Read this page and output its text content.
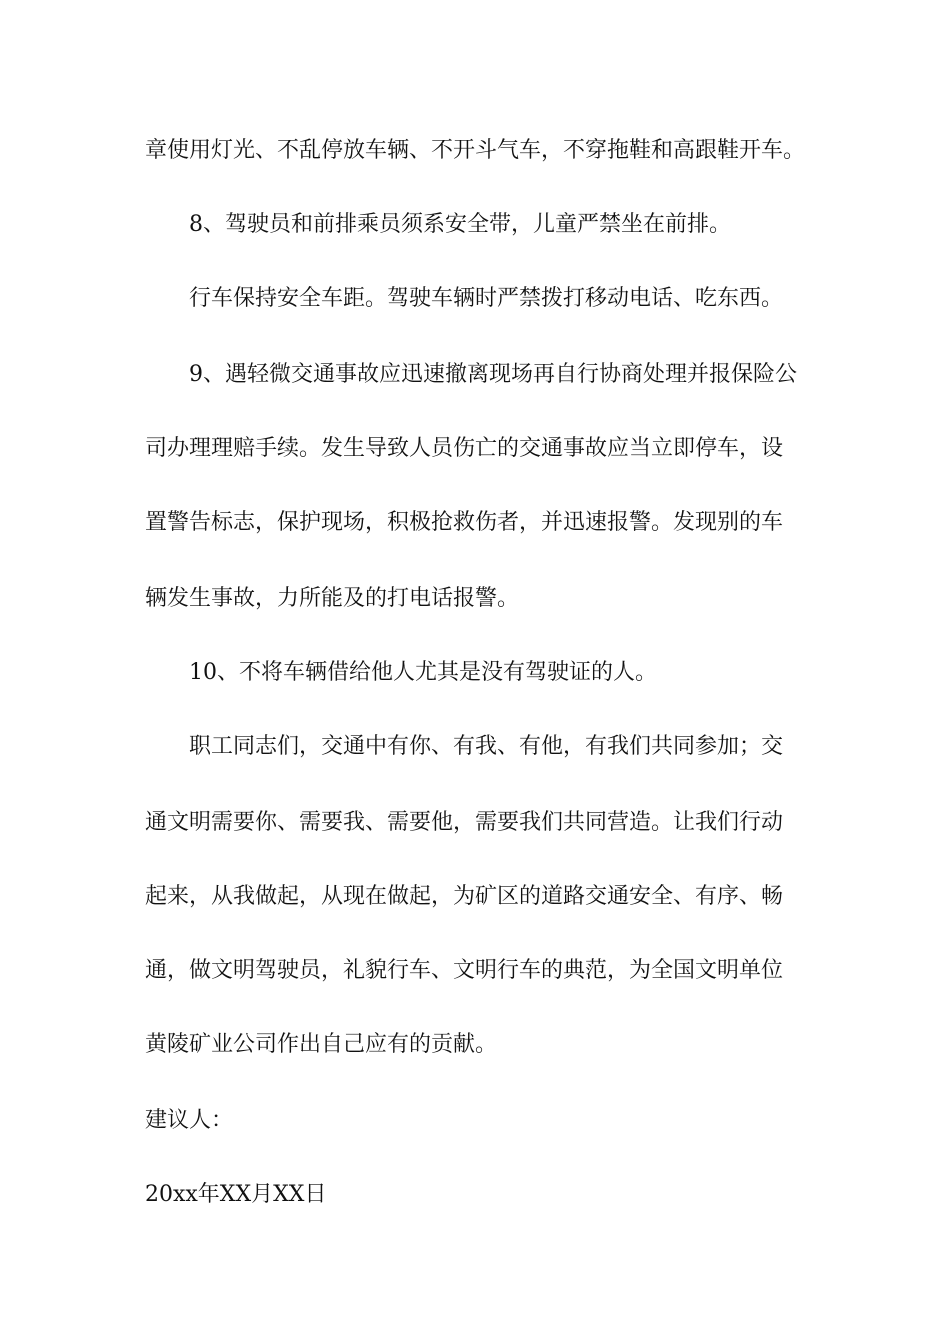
章使用灯光、不乱停放车辆、不开斗气车，不穿拖鞋和高跟鞋开车。

8、驾驶员和前排乘员须系安全带，儿童严禁坐在前排。

行车保持安全车距。驾驶车辆时严禁拨打移动电话、吃东西。

9、遇轻微交通事故应迅速撤离现场再自行协商处理并报保险公

司办理理赔手续。发生导致人员伤亡的交通事故应当立即停车，设

置警告标志，保护现场，积极抢救伤者，并迅速报警。发现别的车

辆发生事故，力所能及的打电话报警。

10、不将车辆借给他人尤其是没有驾驶证的人。

职工同志们，交通中有你、有我、有他，有我们共同参加；交

通文明需要你、需要我、需要他，需要我们共同营造。让我们行动

起来，从我做起，从现在做起，为矿区的道路交通安全、有序、畅

通，做文明驾驶员，礼貌行车、文明行车的典范，为全国文明单位

黄陵矿业公司作出自己应有的贡献。

建议人：

20xx年XX月XX日
